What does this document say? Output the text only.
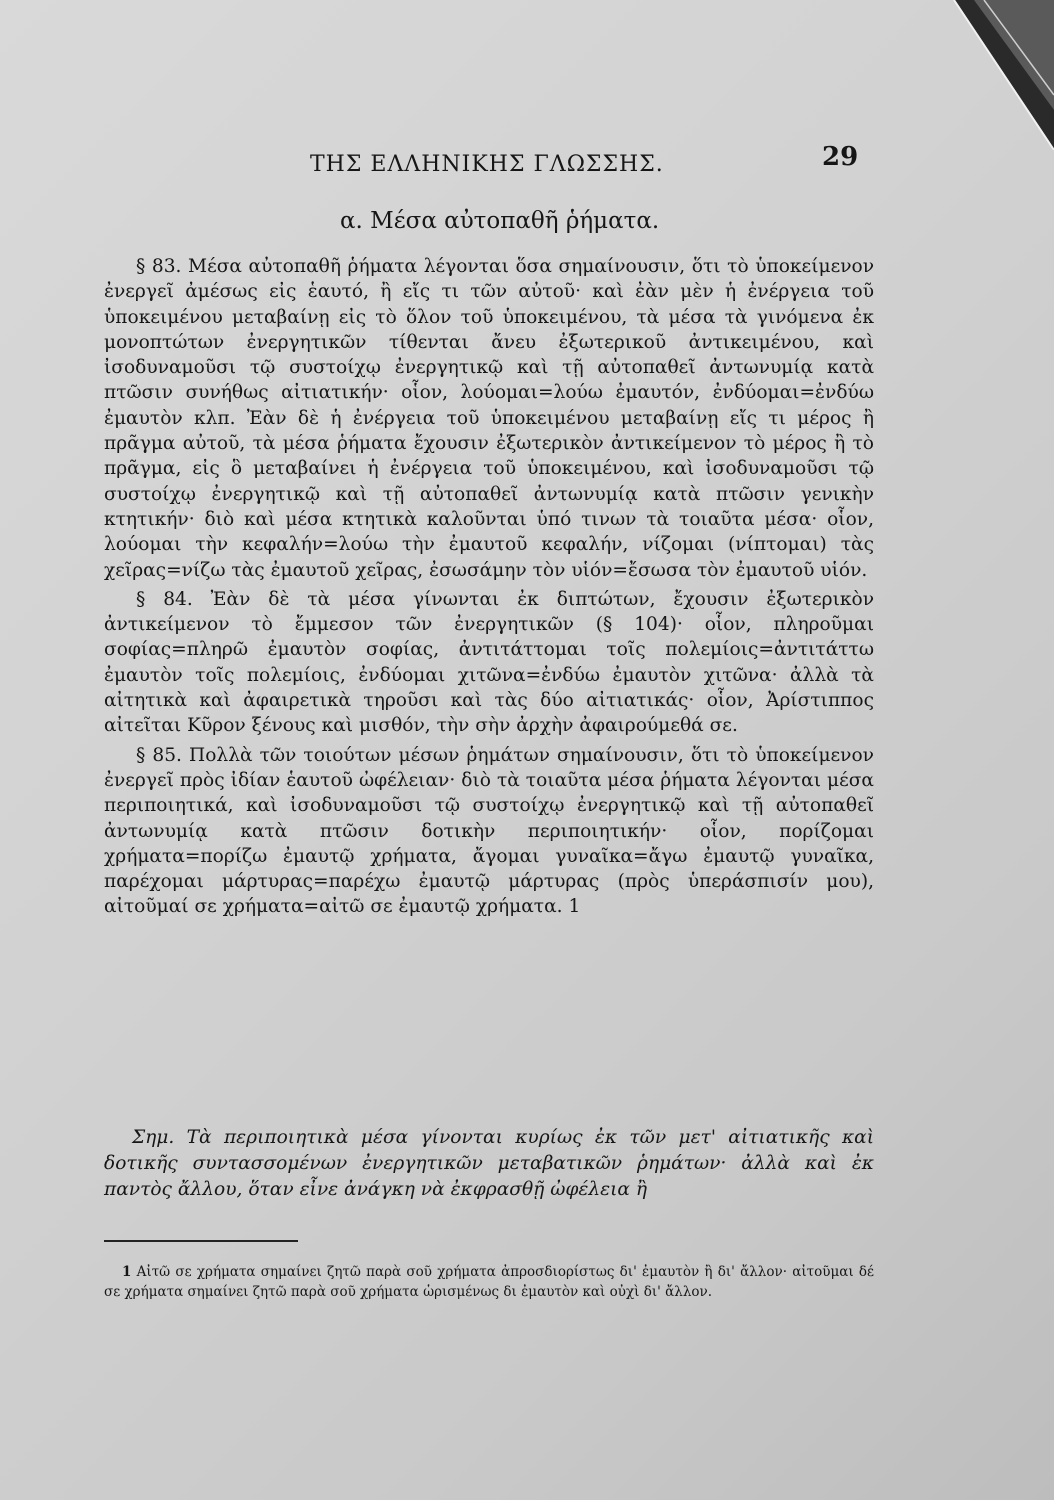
ΤΗΣ ΕΛΛΗΝΙΚΗΣ ΓΛΩΣΣΗΣ.	29
α. Μέσα αὐτοπαθῆ ῥήματα.

§ 83. Μέσα αὐτοπαθῆ ῥήματα λέγονται ὅσα σημαίνουσιν, ὅτι τὸ ὑποκείμενον ἐνεργεῖ ἀμέσως εἰς ἑαυτό, ἢ εἴς τι τῶν αὐτοῦ· καὶ ἐὰν μὲν ἡ ἐνέργεια τοῦ ὑποκειμένου μεταβαίνῃ εἰς τὸ ὅλον τοῦ ὑποκειμένου, τὰ μέσα τὰ γινόμενα ἐκ μονοπτώτων ἐνεργητικῶν τίθενται ἄνευ ἐξωτερικοῦ ἀντικειμένου, καὶ ἰσοδυναμοῦσι τῷ συστοίχῳ ἐνεργητικῷ καὶ τῇ αὐτοπαθεῖ ἀντωνυμίᾳ κατὰ πτῶσιν συνήθως αἰτιατικήν· οἷον, λούομαι=λούω ἐμαυτόν, ἐνδύομαι=ἐνδύω ἐμαυτὸν κλπ. Ἐὰν δὲ ἡ ἐνέργεια τοῦ ὑποκειμένου μεταβαίνῃ εἴς τι μέρος ἢ πρᾶγμα αὐτοῦ, τὰ μέσα ῥήματα ἔχουσιν ἐξωτερικὸν ἀντικείμενον τὸ μέρος ἢ τὸ πρᾶγμα, εἰς ὃ μεταβαίνει ἡ ἐνέργεια τοῦ ὑποκειμένου, καὶ ἰσοδυναμοῦσι τῷ συστοίχῳ ἐνεργητικῷ καὶ τῇ αὐτοπαθεῖ ἀντωνυμίᾳ κατὰ πτῶσιν γενικὴν κτητικήν· διὸ καὶ μέσα κτητικὰ καλοῦνται ὑπό τινων τὰ τοιαῦτα μέσα· οἷον, λούομαι τὴν κεφαλήν=λούω τὴν ἐμαυτοῦ κεφαλήν, νίζομαι (νίπτομαι) τὰς χεῖρας=νίζω τὰς ἐμαυτοῦ χεῖρας, ἐσωσάμην τὸν υἱόν=ἔσωσα τὸν ἐμαυτοῦ υἱόν.

§ 84. Ἐὰν δὲ τὰ μέσα γίνωνται ἐκ διπτώτων, ἔχουσιν ἐξωτερικὸν ἀντικείμενον τὸ ἔμμεσον τῶν ἐνεργητικῶν (§ 104)· οἷον, πληροῦμαι σοφίας=πληρῶ ἐμαυτὸν σοφίας, ἀντιτάττομαι τοῖς πολεμίοις=ἀντιτάττω ἐμαυτὸν τοῖς πολεμίοις, ἐνδύομαι χιτῶνα=ἐνδύω ἐμαυτὸν χιτῶνα· ἀλλὰ τὰ αἰτητικὰ καὶ ἀφαιρετικὰ τηροῦσι καὶ τὰς δύο αἰτιατικάς· οἷον, Ἀρίστιππος αἰτεῖται Κῦρον ξένους καὶ μισθόν, τὴν σὴν ἀρχὴν ἀφαιρούμεθά σε.

§ 85. Πολλὰ τῶν τοιούτων μέσων ῥημάτων σημαίνουσιν, ὅτι τὸ ὑποκείμενον ἐνεργεῖ πρὸς ἰδίαν ἑαυτοῦ ὠφέλειαν· διὸ τὰ τοιαῦτα μέσα ῥήματα λέγονται μέσα περιποιητικά, καὶ ἰσοδυναμοῦσι τῷ συστοίχῳ ἐνεργητικῷ καὶ τῇ αὐτοπαθεῖ ἀντωνυμίᾳ κατὰ πτῶσιν δοτικὴν περιποιητικήν· οἷον, πορίζομαι χρήματα=πορίζω ἐμαυτῷ χρήματα, ἄγομαι γυναῖκα=ἄγω ἐμαυτῷ γυναῖκα, παρέχομαι μάρτυρας=παρέχω ἐμαυτῷ μάρτυρας (πρὸς ὑπεράσπισίν μου), αἰτοῦμαί σε χρήματα=αἰτῶ σε ἐμαυτῷ χρήματα. 1

Σημ. Τὰ περιποιητικὰ μέσα γίνονται κυρίως ἐκ τῶν μετ' αἰτιατικῆς καὶ δοτικῆς συντασσομένων ἐνεργητικῶν μεταβατικῶν ῥημάτων· ἀλλὰ καὶ ἐκ παντὸς ἄλλου, ὅταν εἶνε ἀνάγκη νὰ ἐκφρασθῇ ὠφέλεια ἢ
1 Αἰτῶ σε χρήματα σημαίνει ζητῶ παρὰ σοῦ χρήματα ἀπροσδιορίστως δι' ἐμαυτὸν ἢ δι' ἄλλον· αἰτοῦμαι δέ σε χρήματα σημαίνει ζητῶ παρὰ σοῦ χρήματα ὡρισμένως δι ἐμαυτὸν καὶ οὐχὶ δι' ἄλλον.
